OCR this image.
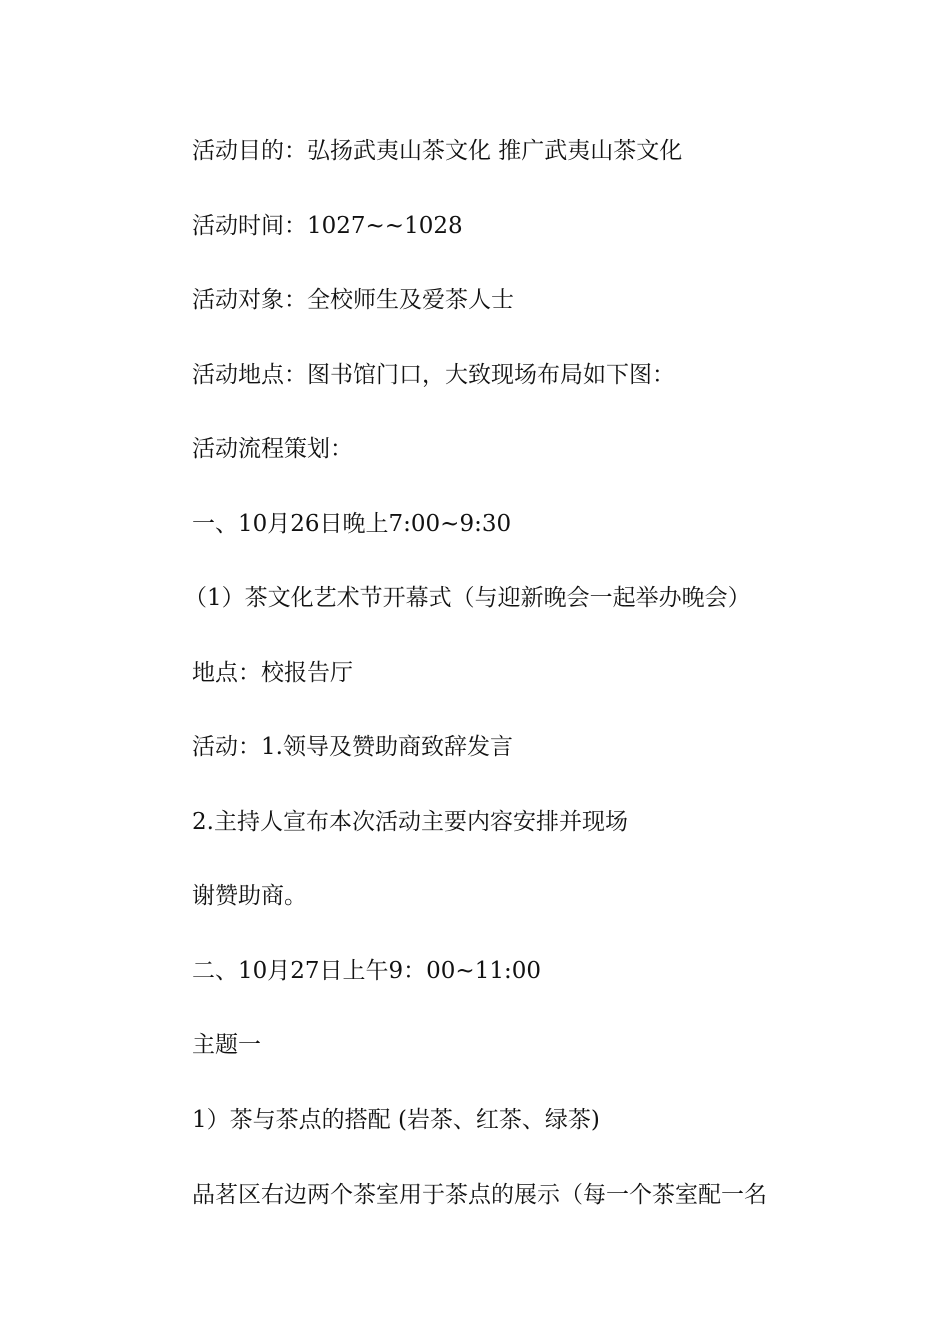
活动目的：弘扬武夷山茶文化 推广武夷山茶文化

活动时间：1027~~1028

活动对象：全校师生及爱茶人士

活动地点：图书馆门口，大致现场布局如下图：

活动流程策划：

一、10月26日晚上7:00~9:30

（1）茶文化艺术节开幕式（与迎新晚会一起举办晚会）

地点：校报告厅

活动：1.领导及赞助商致辞发言

2.主持人宣布本次活动主要内容安排并现场

谢赞助商。

二、10月27日上午9：00~11:00

主题一

1）茶与茶点的搭配 (岩茶、红茶、绿茶)

品茗区右边两个茶室用于茶点的展示（每一个茶室配一名
